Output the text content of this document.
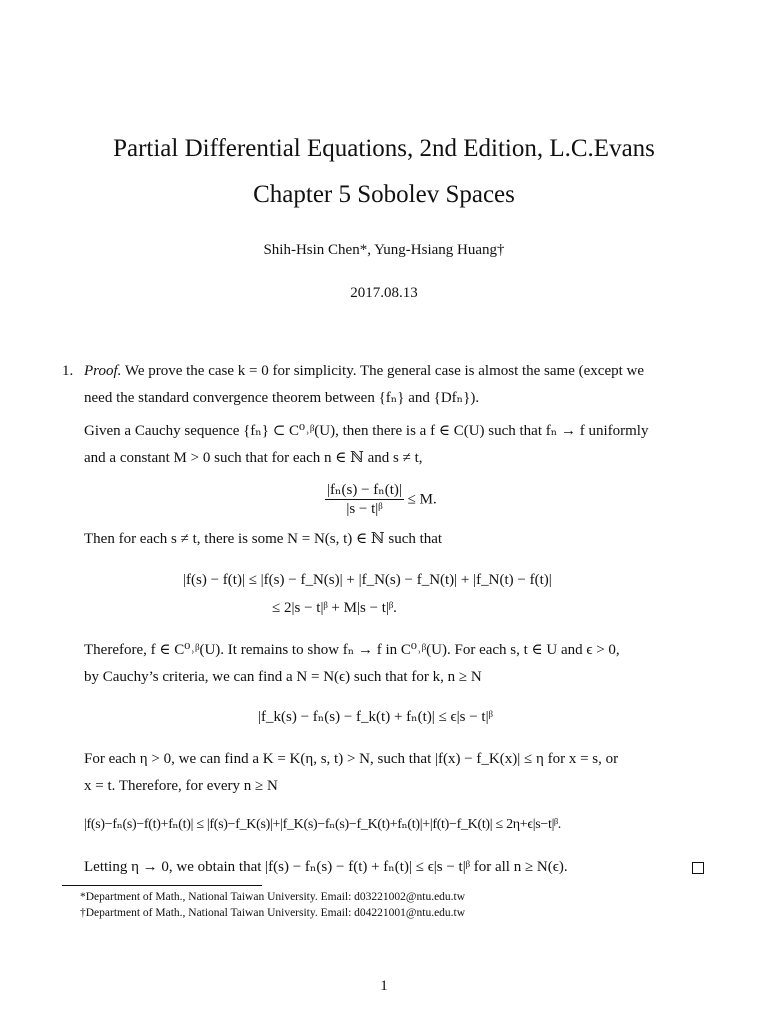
Partial Differential Equations, 2nd Edition, L.C.Evans
Chapter 5 Sobolev Spaces
Shih-Hsin Chen*, Yung-Hsiang Huang†
2017.08.13
1. Proof. We prove the case k = 0 for simplicity. The general case is almost the same (except we
need the standard convergence theorem between {fₙ} and {Dfₙ}).
Given a Cauchy sequence {fₙ} ⊂ C⁰˒ᵝ(U), then there is a f ∈ C(U) such that fₙ → f uniformly
and a constant M > 0 such that for each n ∈ ℕ and s ≠ t,
$\frac{\text{|fₙ(s) − fₙ(t)|}}{\text{|s − t|ᵝ}} \le M$.
Then for each s ≠ t, there is some N = N(s, t) ∈ ℕ such that
|f(s) − f(t)| ≤ |f(s) − f_N(s)| + |f_N(s) − f_N(t)| + |f_N(t) − f(t)|
≤ 2|s − t|ᵝ + M|s − t|ᵝ.
Therefore, f ∈ C⁰˒ᵝ(U). It remains to show fₙ → f in C⁰˒ᵝ(U). For each s, t ∈ U and ϵ > 0,
by Cauchy’s criteria, we can find a N = N(ϵ) such that for k, n ≥ N
|f_k(s) − fₙ(s) − f_k(t) + fₙ(t)| ≤ ϵ|s − t|ᵝ
For each η > 0, we can find a K = K(η, s, t) > N, such that |f(x) − f_K(x)| ≤ η for x = s, or
x = t. Therefore, for every n ≥ N
|f(s)−fₙ(s)−f(t)+fₙ(t)| ≤ |f(s)−f_K(s)|+|f_K(s)−fₙ(s)−f_K(t)+fₙ(t)|+|f(t)−f_K(t)| ≤ 2η+ϵ|s−t|ᵝ.
Letting η → 0, we obtain that |f(s) − fₙ(s) − f(t) + fₙ(t)| ≤ ϵ|s − t|ᵝ for all n ≥ N(ϵ).
*Department of Math., National Taiwan University. Email: d03221002@ntu.edu.tw
†Department of Math., National Taiwan University. Email: d04221001@ntu.edu.tw
1
